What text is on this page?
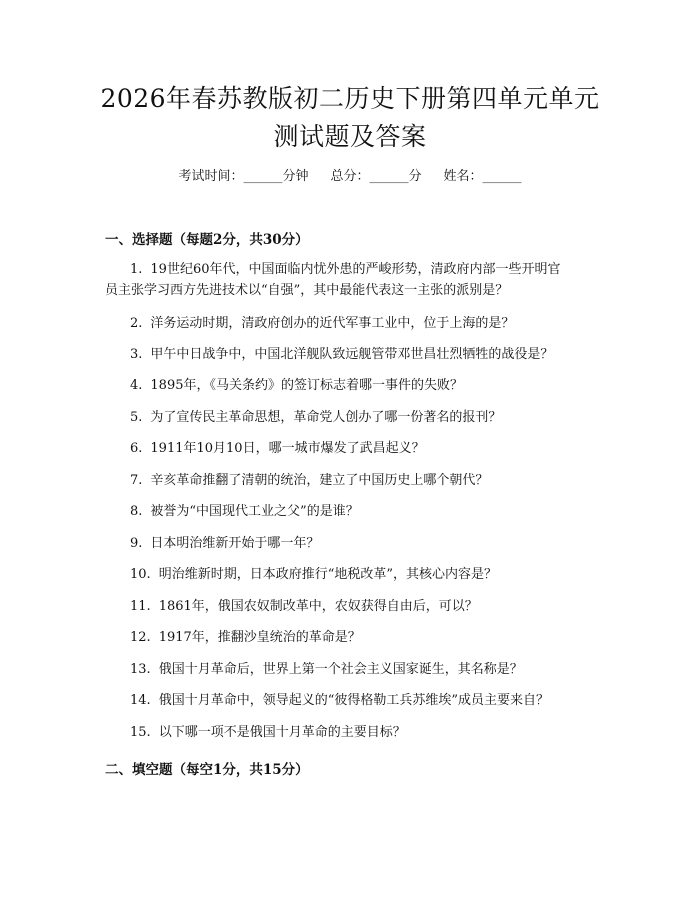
2026年春苏教版初二历史下册第四单元单元
测试题及答案
考试时间：______分钟 总分：______分 姓名：______
一、选择题（每题2分，共30分）
1. 19世纪60年代，中国面临内忧外患的严峻形势，清政府内部一些开明官
员主张学习西方先进技术以“自强”，其中最能代表这一主张的派别是？
2. 洋务运动时期，清政府创办的近代军事工业中，位于上海的是？
3. 甲午中日战争中，中国北洋舰队致远舰管带邓世昌壮烈牺牲的战役是？
4. 1895年，《马关条约》的签订标志着哪一事件的失败？
5. 为了宣传民主革命思想，革命党人创办了哪一份著名的报刊？
6. 1911年10月10日，哪一城市爆发了武昌起义？
7. 辛亥革命推翻了清朝的统治，建立了中国历史上哪个朝代？
8. 被誉为“中国现代工业之父”的是谁？
9. 日本明治维新开始于哪一年？
10. 明治维新时期，日本政府推行“地税改革”，其核心内容是？
11. 1861年，俄国农奴制改革中，农奴获得自由后，可以？
12. 1917年，推翻沙皇统治的革命是？
13. 俄国十月革命后，世界上第一个社会主义国家诞生，其名称是？
14. 俄国十月革命中，领导起义的“彼得格勒工兵苏维埃”成员主要来自？
15. 以下哪一项不是俄国十月革命的主要目标？
二、填空题（每空1分，共15分）
